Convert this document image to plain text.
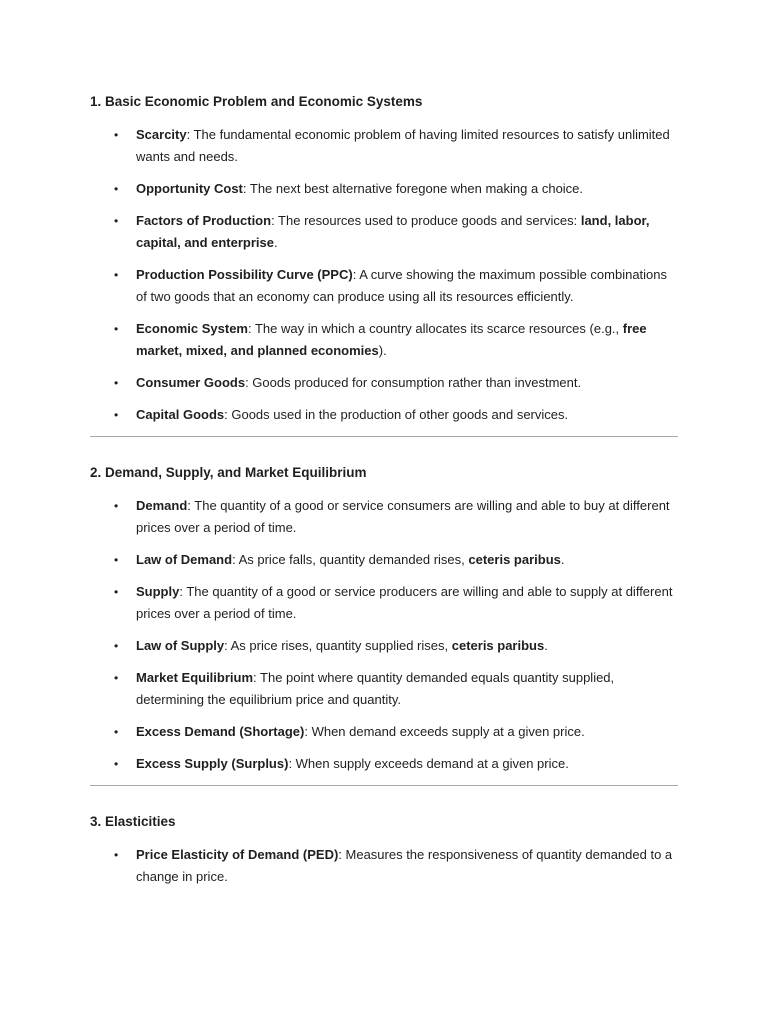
1. Basic Economic Problem and Economic Systems
• Scarcity: The fundamental economic problem of having limited resources to satisfy unlimited wants and needs.
• Opportunity Cost: The next best alternative foregone when making a choice.
• Factors of Production: The resources used to produce goods and services: land, labor, capital, and enterprise.
• Production Possibility Curve (PPC): A curve showing the maximum possible combinations of two goods that an economy can produce using all its resources efficiently.
• Economic System: The way in which a country allocates its scarce resources (e.g., free market, mixed, and planned economies).
• Consumer Goods: Goods produced for consumption rather than investment.
• Capital Goods: Goods used in the production of other goods and services.
2. Demand, Supply, and Market Equilibrium
• Demand: The quantity of a good or service consumers are willing and able to buy at different prices over a period of time.
• Law of Demand: As price falls, quantity demanded rises, ceteris paribus.
• Supply: The quantity of a good or service producers are willing and able to supply at different prices over a period of time.
• Law of Supply: As price rises, quantity supplied rises, ceteris paribus.
• Market Equilibrium: The point where quantity demanded equals quantity supplied, determining the equilibrium price and quantity.
• Excess Demand (Shortage): When demand exceeds supply at a given price.
• Excess Supply (Surplus): When supply exceeds demand at a given price.
3. Elasticities
• Price Elasticity of Demand (PED): Measures the responsiveness of quantity demanded to a change in price.
